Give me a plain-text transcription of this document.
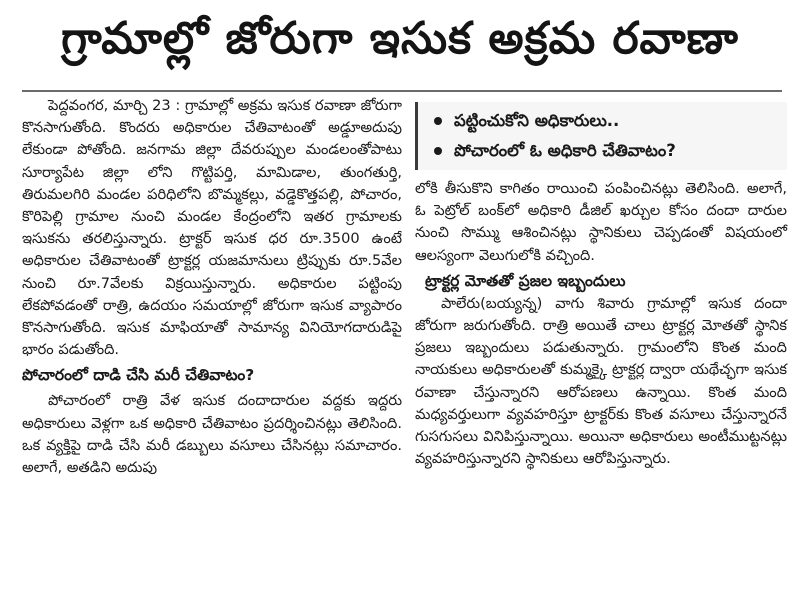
గ్రామాల్లో జోరుగా ఇసుక అక్రమ రవాణా

పెద్దవంగర, మార్చి 23 : గ్రామాల్లో అక్రమ ఇసుక రవాణా జోరుగా కొనసాగుతోంది. కొందరు అధికారుల చేతివాటంతో అడ్డూఅదుపు లేకుండా పోతోంది. జనగామ జిల్లా దేవరుప్పుల మండలంతోపాటు సూర్యాపేట జిల్లా లోని గొట్టిపర్తి, మామిడాల, తుంగతుర్తి, తిరుమలగిరి మండల పరిధిలోని బొమ్మకల్లు, వడ్డెకొత్తపల్లి, పోచారం, కొరిపెల్లి గ్రామాల నుంచి మండల కేంద్రంలోని ఇతర గ్రామాలకు ఇసుకను తరలిస్తున్నారు. ట్రాక్టర్ ఇసుక ధర రూ.3500 ఉంటే అధికారుల చేతివాటంతో ట్రాక్టర్ల యజమానులు ట్రిప్పుకు రూ.5వేల నుంచి రూ.7వేలకు విక్రయిస్తున్నారు. అధికారుల పట్టింపు లేకపోవడంతో రాత్రి, ఉదయం సమయాల్లో జోరుగా ఇసుక వ్యాపారం కొనసాగుతోంది. ఇసుక మాఫియాతో సామాన్య వినియోగదారుడిపై భారం పడుతోంది.

పోచారంలో దాడి చేసి మరీ చేతివాటం?

పోచారంలో రాత్రి వేళ ఇసుక దందాదారుల వద్దకు ఇద్దరు అధికారులు వెళ్లగా ఒక అధికారి చేతివాటం ప్రదర్శించినట్లు తెలిసింది. ఒక వ్యక్తిపై దాడి చేసి మరీ డబ్బులు వసూలు చేసినట్లు సమాచారం. అలాగే, అతడిని అదుపు

పట్టించుకోని అధికారులు..
పోచారంలో ఓ అధికారి చేతివాటం?

లోకి తీసుకొని కాగితం రాయించి పంపించినట్లు తెలిసింది. అలాగే, ఓ పెట్రోల్ బంక్‌లో అధికారి డీజిల్ ఖర్చుల కోసం దందా దారుల నుంచి సొమ్ము ఆశించినట్లు స్థానికులు చెప్పడంతో విషయంలో ఆలస్యంగా వెలుగులోకి వచ్చింది.

ట్రాక్టర్ల మోతతో ప్రజల ఇబ్బందులు

పాలేరు(బయ్యన్న) వాగు శివారు గ్రామాల్లో ఇసుక దందా జోరుగా జరుగుతోంది. రాత్రి అయితే చాలు ట్రాక్టర్ల మోతతో స్థానిక ప్రజలు ఇబ్బందులు పడుతున్నారు. గ్రామంలోని కొంత మంది నాయకులు అధికారులతో కుమ్మక్కై ట్రాక్టర్ల ద్వారా యథేచ్ఛగా ఇసుక రవాణా చేస్తున్నారని ఆరోపణలు ఉన్నాయి. కొంత మంది మధ్యవర్తులుగా వ్యవహరిస్తూ ట్రాక్టర్‌కు కొంత వసూలు చేస్తున్నారనే గుసగుసలు వినిపిస్తున్నాయి. అయినా అధికారులు అంటీముట్టనట్లు వ్యవహరిస్తున్నారని స్థానికులు ఆరోపిస్తున్నారు.
